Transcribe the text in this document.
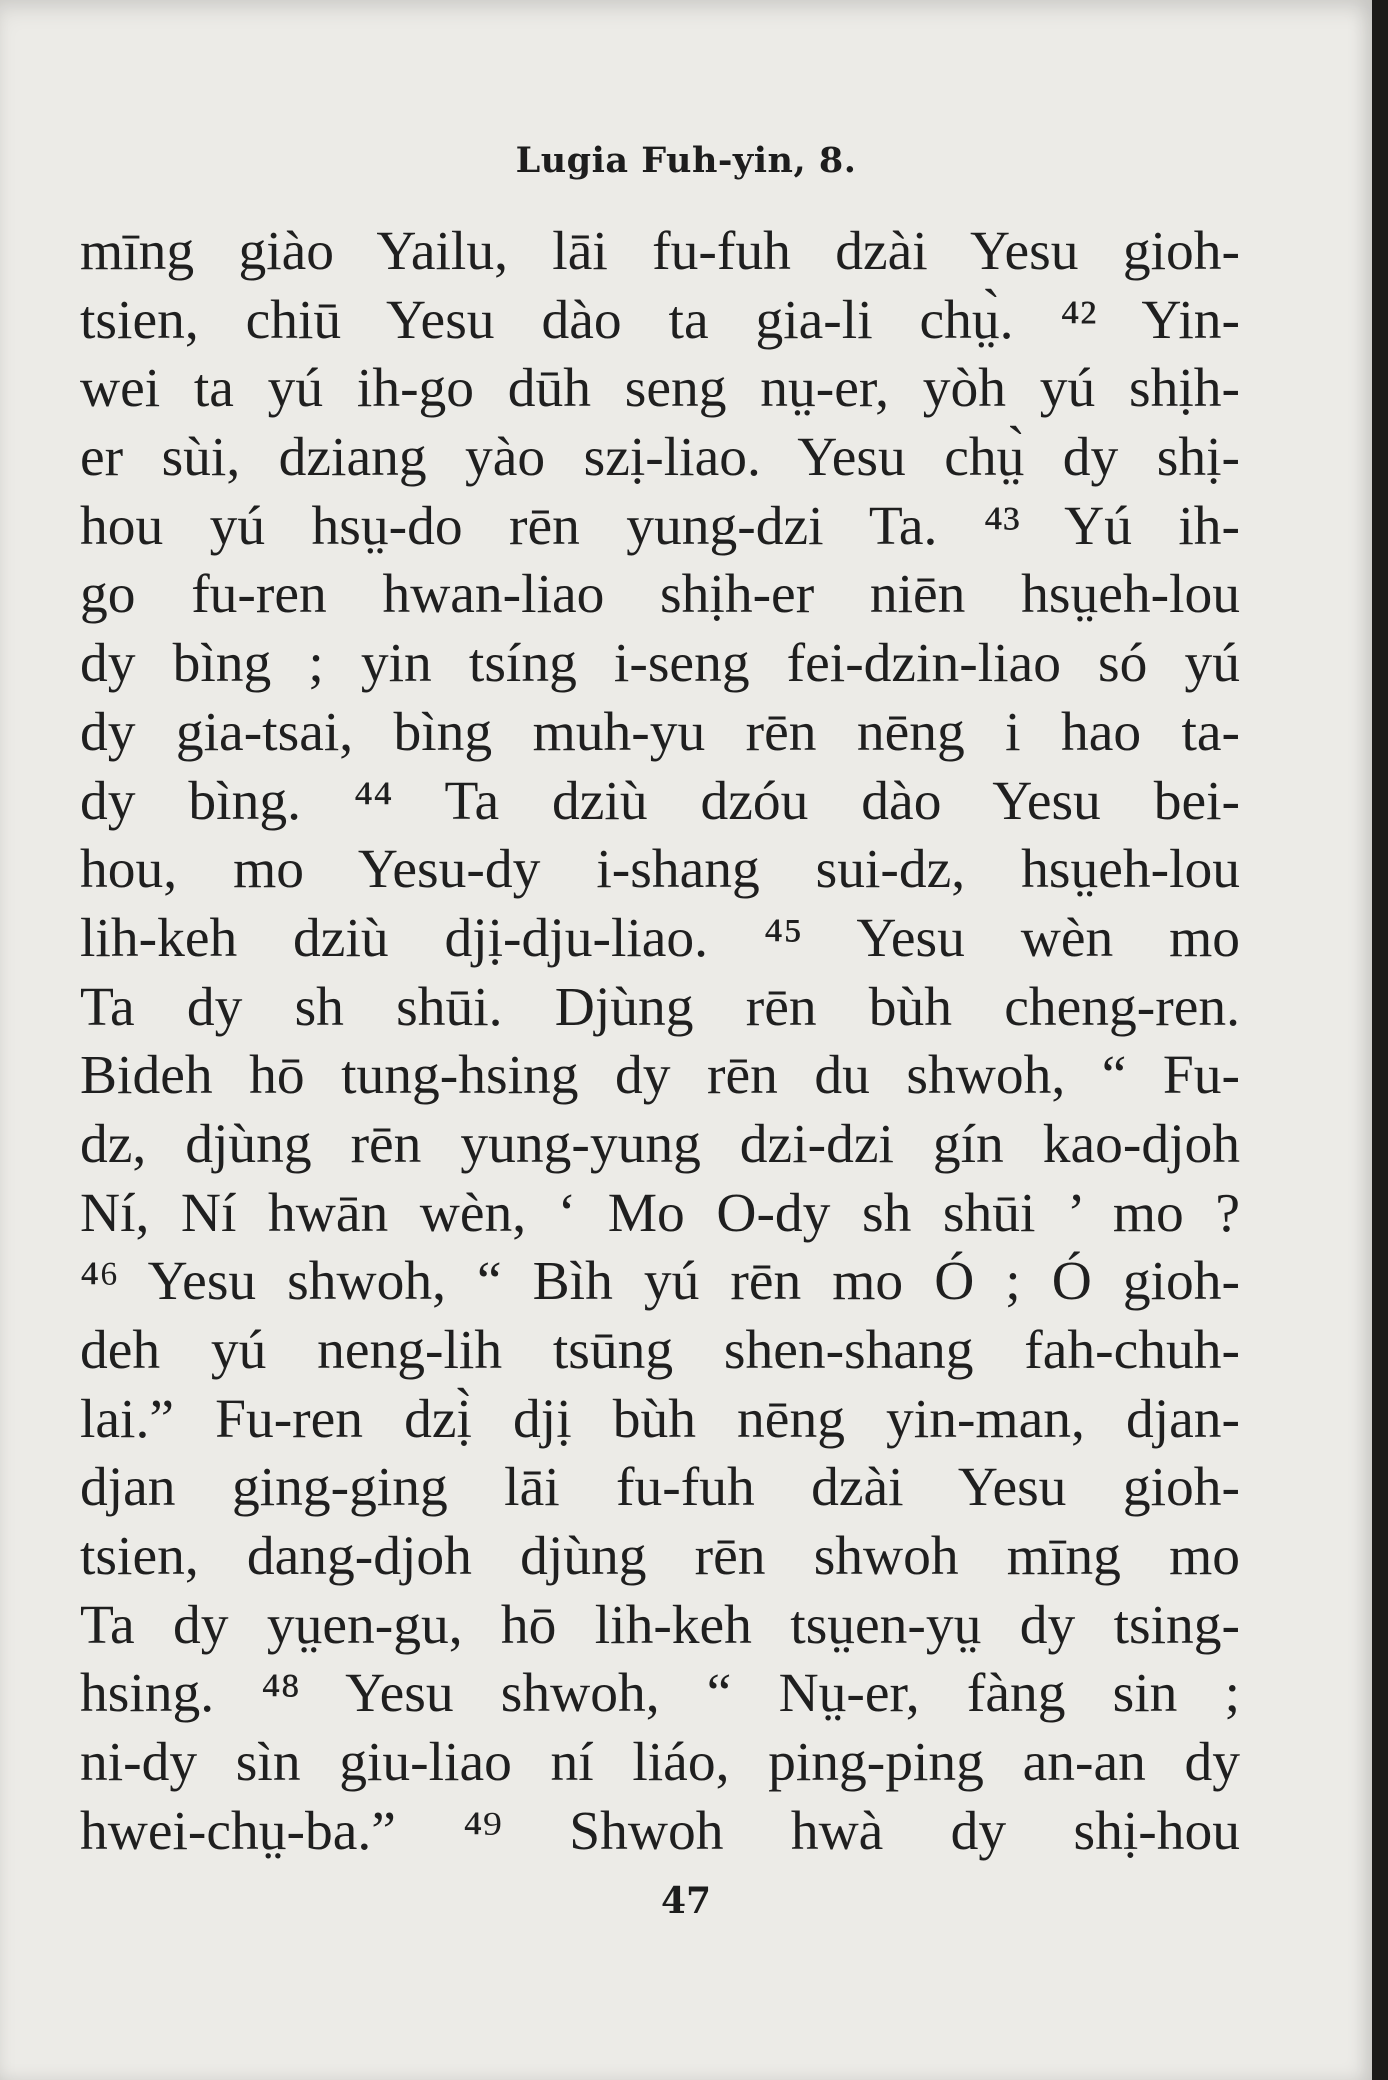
Lugia Fuh-yin, 8.
mīng giào Yailu, lāi fu-fuh dzài Yesu gioh-
tsien, chiū Yesu dào ta gia-li chṳ̀. ⁴² Yin-
wei ta yú ih-go dūh seng nṳ-er, yòh yú shịh-
er sùi, dziang yào szị-liao. Yesu chṳ̀ dy shị-
hou yú hsṳ-do rēn yung-dzi Ta. ⁴³ Yú ih-
go fu-ren hwan-liao shịh-er niēn hsṳeh-lou
dy bìng ; yin tsíng i-seng fei-dzin-liao só yú
dy gia-tsai, bìng muh-yu rēn nēng i hao ta-
dy bìng. ⁴⁴ Ta dziù dzóu dào Yesu bei-
hou, mo Yesu-dy i-shang sui-dz, hsṳeh-lou
lih-keh dziù djị-dju-liao. ⁴⁵ Yesu wèn mo
Ta dy sh shūi. Djùng rēn bùh cheng-ren.
Bideh hō tung-hsing dy rēn du shwoh, “ Fu-
dz, djùng rēn yung-yung dzi-dzi gín kao-djoh
Ní, Ní hwān wèn, ‘ Mo O-dy sh shūi ’ mo ?
⁴⁶ Yesu shwoh, “ Bìh yú rēn mo Ó ; Ó gioh-
deh yú neng-lih tsūng shen-shang fah-chuh-
lai.” Fu-ren dzị̀ djị bùh nēng yin-man, djan-
djan ging-ging lāi fu-fuh dzài Yesu gioh-
tsien, dang-djoh djùng rēn shwoh mīng mo
Ta dy yṳen-gu, hō lih-keh tsṳen-yṳ dy tsing-
hsing. ⁴⁸ Yesu shwoh, “ Nṳ-er, fàng sin ;
ni-dy sìn giu-liao ní liáo, ping-ping an-an dy
hwei-chṳ-ba.” ⁴⁹ Shwoh hwà dy shị-hou
47
